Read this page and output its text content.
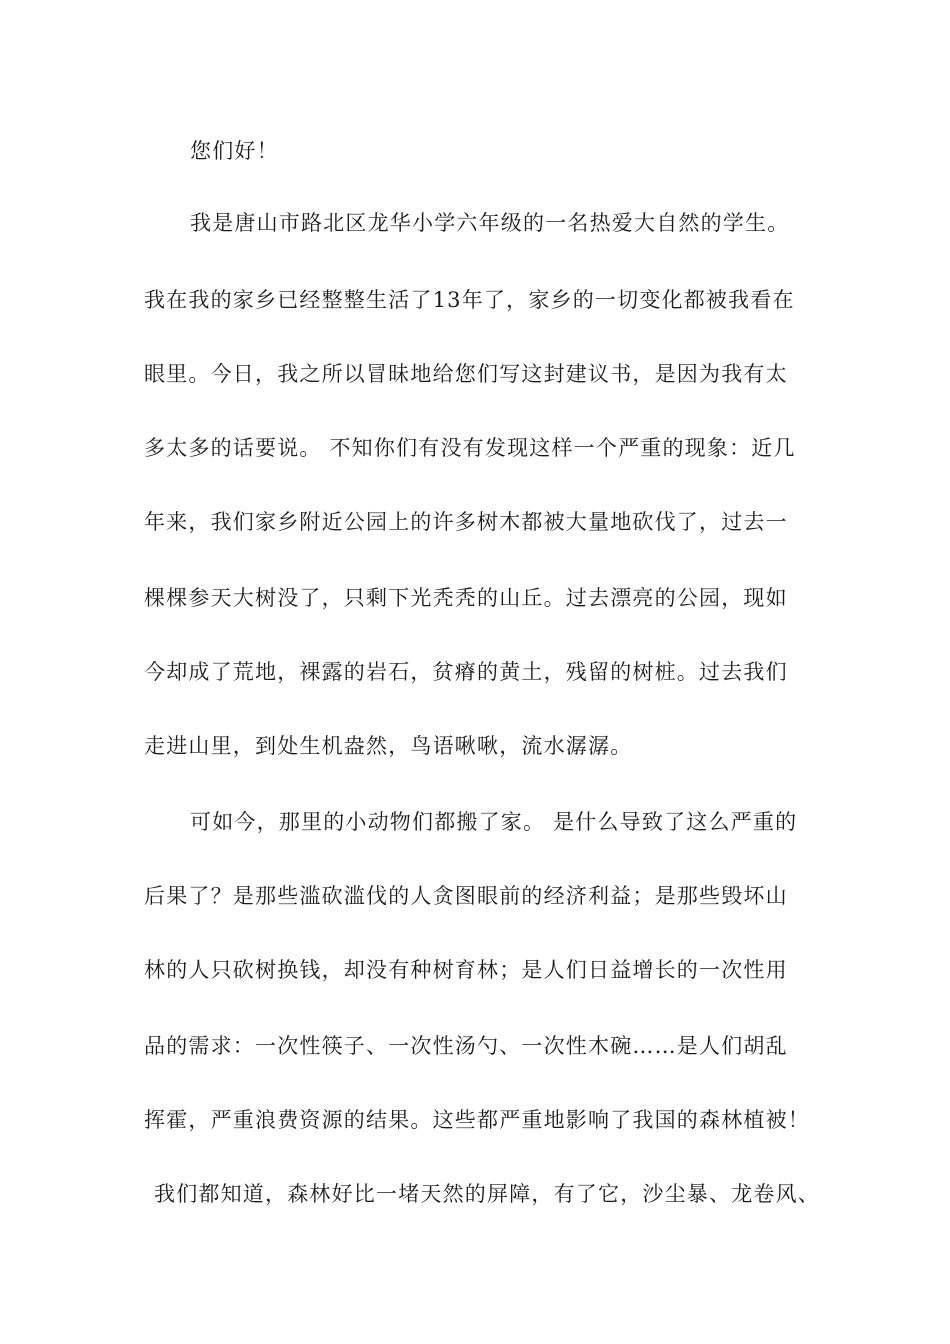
您们好！
我是唐山市路北区龙华小学六年级的一名热爱大自然的学生。
我在我的家乡已经整整生活了13年了，家乡的一切变化都被我看在
眼里。今日，我之所以冒昧地给您们写这封建议书，是因为我有太
多太多的话要说。 不知你们有没有发现这样一个严重的现象：近几
年来，我们家乡附近公园上的许多树木都被大量地砍伐了，过去一
棵棵参天大树没了，只剩下光秃秃的山丘。过去漂亮的公园，现如
今却成了荒地，裸露的岩石，贫瘠的黄土，残留的树桩。过去我们
走进山里，到处生机盎然，鸟语啾啾，流水潺潺。
可如今，那里的小动物们都搬了家。 是什么导致了这么严重的
后果了？是那些滥砍滥伐的人贪图眼前的经济利益；是那些毁坏山
林的人只砍树换钱，却没有种树育林；是人们日益增长的一次性用
品的需求：一次性筷子、一次性汤勺、一次性木碗……是人们胡乱
挥霍，严重浪费资源的结果。这些都严重地影响了我国的森林植被！
我们都知道，森林好比一堵天然的屏障，有了它，沙尘暴、龙卷风、
